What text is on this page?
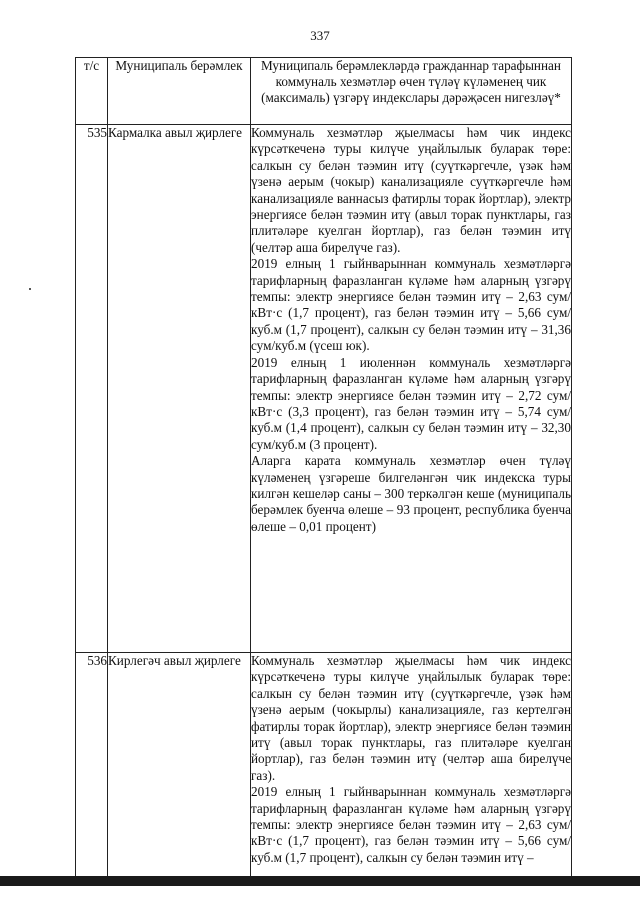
337
т/с	Муниципаль берәмлек	Муниципаль берәмлекләрдә гражданнар тарафыннан коммуналь хезмәтләр өчен түләү күләменең чик (максималь) үзгәрү индекслары дәрәҗәсен нигезләү*
535	Кармалка авыл җирлеге	Коммуналь хезмәтләр җыелмасы һәм чик индекс күрсәткеченә туры килүче уңайлылык буларак төре: салкын су белән тәэмин итү (суүткәргечле, үзәк һәм үзенә аерым (чокыр) канализацияле суүткәргечле һәм канализацияле ваннасыз фатирлы торак йортлар), электр энергиясе белән тәэмин итү (авыл торак пунктлары, газ плитәләре куелган йортлар), газ белән тәэмин итү (челтәр аша бирелүче газ).
2019 елның 1 гыйнварыннан коммуналь хезмәтләргә тарифларның фаразланган күләме һәм аларның үзгәрү темпы: электр энергиясе белән тәэмин итү – 2,63 сум/кВт·с (1,7 процент), газ белән тәэмин итү – 5,66 сум/куб.м (1,7 процент), салкын су белән тәэмин итү – 31,36 сум/куб.м (үсеш юк).
2019 елның 1 июленнән коммуналь хезмәтләргә тарифларның фаразланган күләме һәм аларның үзгәрү темпы: электр энергиясе белән тәэмин итү – 2,72 сум/кВт·с (3,3 процент), газ белән тәэмин итү – 5,74 сум/куб.м (1,4 процент), салкын су белән тәэмин итү – 32,30 сум/куб.м (3 процент).
Аларга карата коммуналь хезмәтләр өчен түләү күләменең үзгәреше билгеләнгән чик индекска туры килгән кешеләр саны – 300 теркәлгән кеше (муниципаль берәмлек буенча өлеше – 93 процент, республика буенча өлеше – 0,01 процент)

536	Кирлегәч авыл җирлеге	Коммуналь хезмәтләр җыелмасы һәм чик индекс күрсәткеченә туры килүче уңайлылык буларак төре: салкын су белән тәэмин итү (суүткәргечле, үзәк һәм үзенә аерым (чокырлы) канализацияле, газ кертелгән фатирлы торак йортлар), электр энергиясе белән тәэмин итү (авыл торак пунктлары, газ плитәләре куелган йортлар), газ белән тәэмин итү (челтәр аша бирелүче газ).
2019 елның 1 гыйнварыннан коммуналь хезмәтләргә тарифларның фаразланган күләме һәм аларның үзгәрү темпы: электр энергиясе белән тәэмин итү – 2,63 сум/кВт·с (1,7 процент), газ белән тәэмин итү – 5,66 сум/куб.м (1,7 процент), салкын су белән тәэмин итү –
